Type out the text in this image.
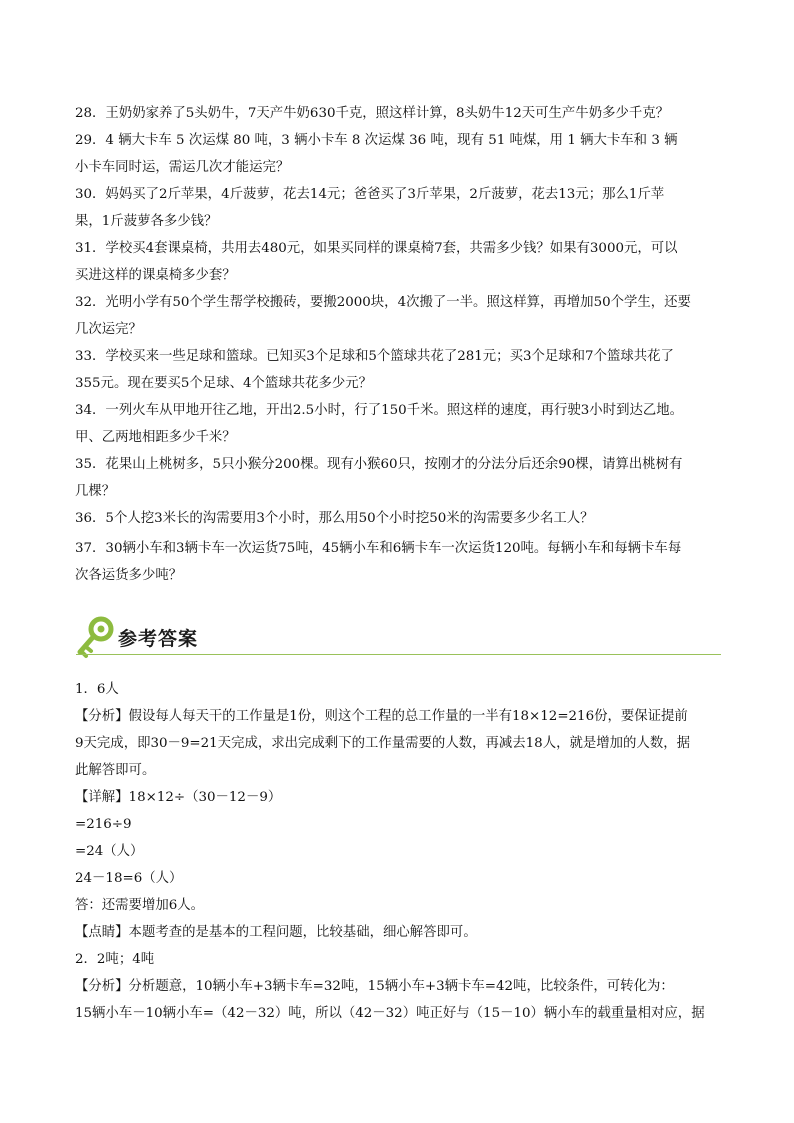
28．王奶奶家养了5头奶牛，7天产牛奶630千克，照这样计算，8头奶牛12天可生产牛奶多少千克？
29．4 辆大卡车 5 次运煤 80 吨，3 辆小卡车 8 次运煤 36 吨，现有 51 吨煤，用 1 辆大卡车和 3 辆
小卡车同时运，需运几次才能运完？
30．妈妈买了2斤苹果，4斤菠萝，花去14元；爸爸买了3斤苹果，2斤菠萝，花去13元；那么1斤苹
果，1斤菠萝各多少钱？
31．学校买4套课桌椅，共用去480元，如果买同样的课桌椅7套，共需多少钱？如果有3000元，可以
买进这样的课桌椅多少套？
32．光明小学有50个学生帮学校搬砖，要搬2000块，4次搬了一半。照这样算，再增加50个学生，还要
几次运完？
33．学校买来一些足球和篮球。已知买3个足球和5个篮球共花了281元；买3个足球和7个篮球共花了
355元。现在要买5个足球、4个篮球共花多少元？
34．一列火车从甲地开往乙地，开出2.5小时，行了150千米。照这样的速度，再行驶3小时到达乙地。
甲、乙两地相距多少千米？
35．花果山上桃树多，5只小猴分200棵。现有小猴60只，按刚才的分法分后还余90棵，请算出桃树有
几棵？
36．5个人挖3米长的沟需要用3个小时，那么用50个小时挖50米的沟需要多少名工人？
37．30辆小车和3辆卡车一次运货75吨，45辆小车和6辆卡车一次运货120吨。每辆小车和每辆卡车每
次各运货多少吨？
参考答案
1．6人
【分析】假设每人每天干的工作量是1份，则这个工程的总工作量的一半有18×12=216份，要保证提前
9天完成，即30－9=21天完成，求出完成剩下的工作量需要的人数，再减去18人，就是增加的人数，据
此解答即可。
【详解】18×12÷（30－12－9）
=216÷9
=24（人）
24－18=6（人）
答：还需要增加6人。
【点睛】本题考查的是基本的工程问题，比较基础，细心解答即可。
2．2吨；4吨
【分析】分析题意，10辆小车+3辆卡车=32吨，15辆小车+3辆卡车=42吨，比较条件，可转化为：
15辆小车－10辆小车=（42－32）吨，所以（42－32）吨正好与（15－10）辆小车的载重量相对应，据
